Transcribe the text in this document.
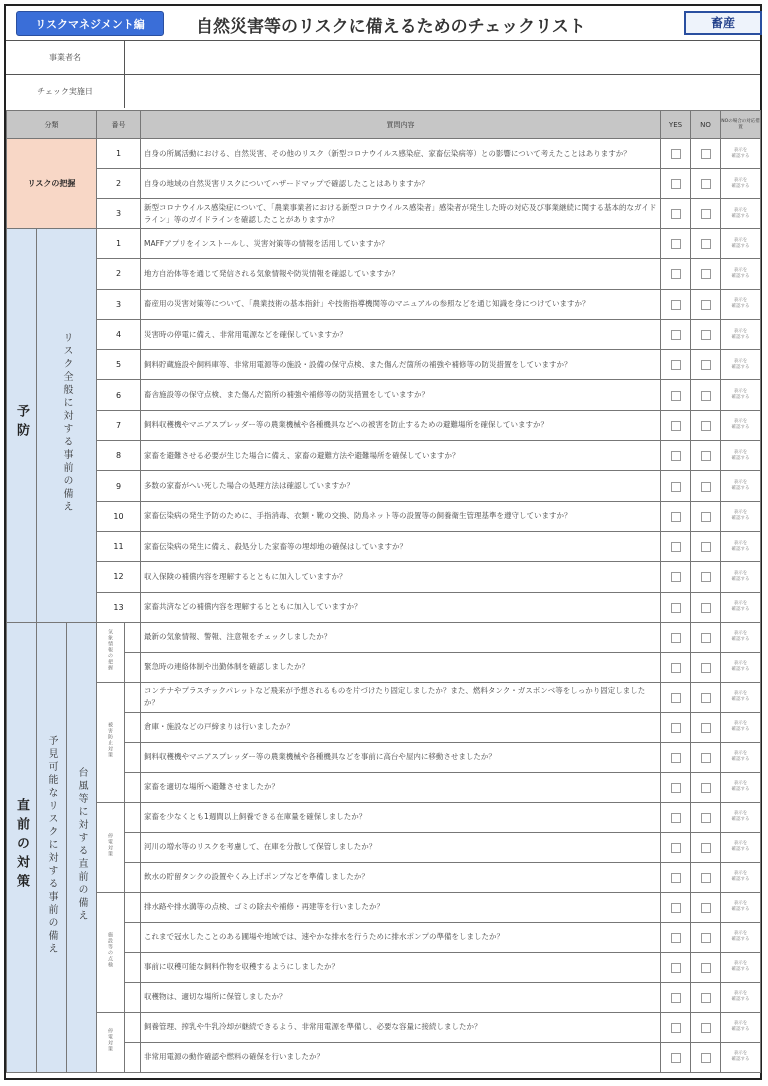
リスクマネジメント編	自然災害等のリスクに備えるためのチェックリスト	畜産
事業者名
チェック実施日
分類			番号		質問内容	YES	NO	NOの場合の対応措置
リスクの把握			1		自身の所属活動における、自然災害、その他のリスク（新型コロナウイルス感染症、家畜伝染病等）との影響について考えたことはありますか？			表示を
確認する
			2		自身の地域の自然災害リスクについてハザードマップで確認したことはありますか？			表示を
確認する
			3		新型コロナウイルス感染症について、「農業事業者における新型コロナウイルス感染者」感染者が発生した時の対応及び事業継続に関する基本的なガイドライン」等のガイドラインを確認したことがありますか？			表示を
確認する
予防	リスク全般に対する事前の備え		1		MAFFアプリをインストールし、災害対策等の情報を活用していますか？			表示を
確認する
			2		地方自治体等を通じて発信される気象情報や防災情報を確認していますか？			表示を
確認する
			3		畜産用の災害対策等について、「農業技術の基本指針」や技術指導機関等のマニュアルの参照などを通じ知識を身につけていますか？			表示を
確認する
			4		災害時の停電に備え、非常用電源などを確保していますか？			表示を
確認する
			5		飼料貯蔵施設や飼料庫等、非常用電源等の施設・設備の保守点検、また傷んだ箇所の補強や補修等の防災措置をしていますか？			表示を
確認する
			6		畜舎施設等の保守点検、また傷んだ箇所の補強や補修等の防災措置をしていますか？			表示を
確認する
			7		飼料収穫機やマニアスプレッダー等の農業機械や各種機具などへの被害を防止するための避難場所を確保していますか？			表示を
確認する
			8		家畜を避難させる必要が生じた場合に備え、家畜の避難方法や避難場所を確保していますか？			表示を
確認する
			9		多数の家畜がへい死した場合の処理方法は確認していますか？			表示を
確認する
			10		家畜伝染病の発生予防のために、手指消毒、衣類・靴の交換、防鳥ネット等の設置等の飼養衛生管理基準を遵守していますか？			表示を
確認する
			11		家畜伝染病の発生に備え、殺処分した家畜等の埋却地の確保はしていますか？			表示を
確認する
			12		収入保険の補償内容を理解するとともに加入していますか？			表示を
確認する
			13		家畜共済などの補償内容を理解するとともに加入していますか？			表示を
確認する
直前の対策	予見可能なリスクに対する事前の備え	台風等に対する直前の備え	気象情報の把握		最新の気象情報、警報、注意報をチェックしましたか？			表示を
確認する
					緊急時の連絡体制や出勤体制を確認しましたか？			表示を
確認する
			被害防止対策		コンテナやプラスチックパレットなど飛来が予想されるものを片づけたり固定しましたか？また、燃料タンク・ガスボンベ等をしっかり固定しましたか？			表示を
確認する
					倉庫・施設などの戸締まりは行いましたか？			表示を
確認する
					飼料収穫機やマニアスプレッダー等の農業機械や各種機具などを事前に高台や屋内に移動させましたか？			表示を
確認する
					家畜を適切な場所へ避難させましたか？			表示を
確認する
			停電対策		家畜を少なくとも1週間以上飼養できる在庫量を確保しましたか？			表示を
確認する
					河川の増水等のリスクを考慮して、在庫を分散して保管しましたか？			表示を
確認する
					飲水の貯留タンクの設置やくみ上げポンプなどを準備しましたか？			表示を
確認する
			施設等の点検		排水路や排水溝等の点検、ゴミの除去や補修・再建等を行いましたか？			表示を
確認する
					これまで冠水したことのある圃場や地域では、速やかな排水を行うために排水ポンプの準備をしましたか？			表示を
確認する
					事前に収穫可能な飼料作物を収穫するようにしましたか？			表示を
確認する
					収穫物は、適切な場所に保管しましたか？			表示を
確認する
			停電対策		飼養管理、搾乳や牛乳冷却が継続できるよう、非常用電源を準備し、必要な容量に接続しましたか？			表示を
確認する
					非常用電源の動作確認や燃料の確保を行いましたか？			表示を
確認する
